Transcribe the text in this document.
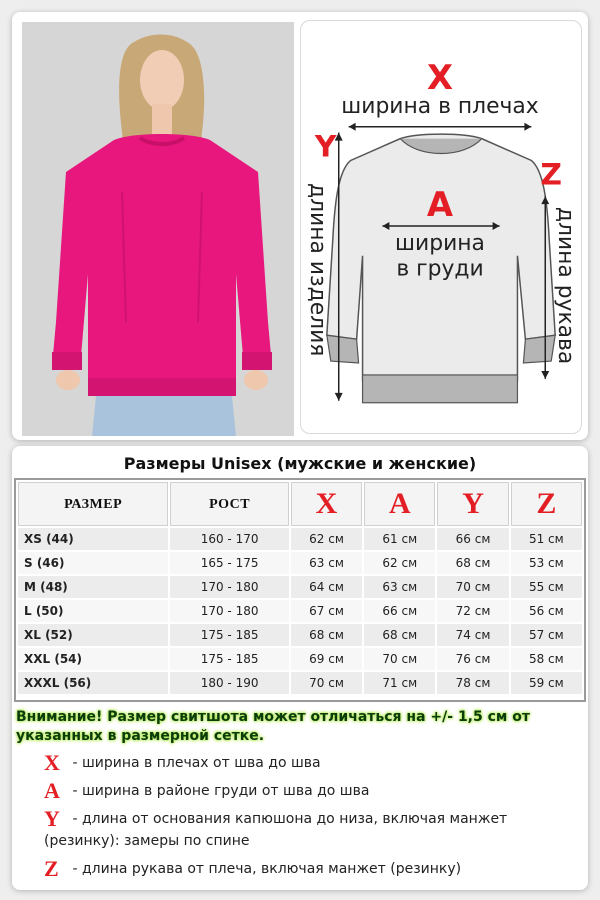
X
ширина в плечах
Y
длина изделия
Z
длина рукава
A
ширина
в груди
Размеры Unisex (мужские и женские)
РАЗМЕР	РОСТ	X	A	Y	Z
XS (44)	160 - 170	62 см	61 см	66 см	51 см
S (46)	165 - 175	63 см	62 см	68 см	53 см
M (48)	170 - 180	64 см	63 см	70 см	55 см
L (50)	170 - 180	67 см	66 см	72 см	56 см
XL (52)	175 - 185	68 см	68 см	74 см	57 см
XXL (54)	175 - 185	69 см	70 см	76 см	58 см
XXXL (56)	180 - 190	70 см	71 см	78 см	59 см
Внимание! Размер свитшота может отличаться на +/- 1,5 см от указанных в размерной сетке.
X - ширина в плечах от шва до шва
A - ширина в районе груди от шва до шва
Y - длина от основания капюшона до низа, включая манжет (резинку): замеры по спине
Z - длина рукава от плеча, включая манжет (резинку)
